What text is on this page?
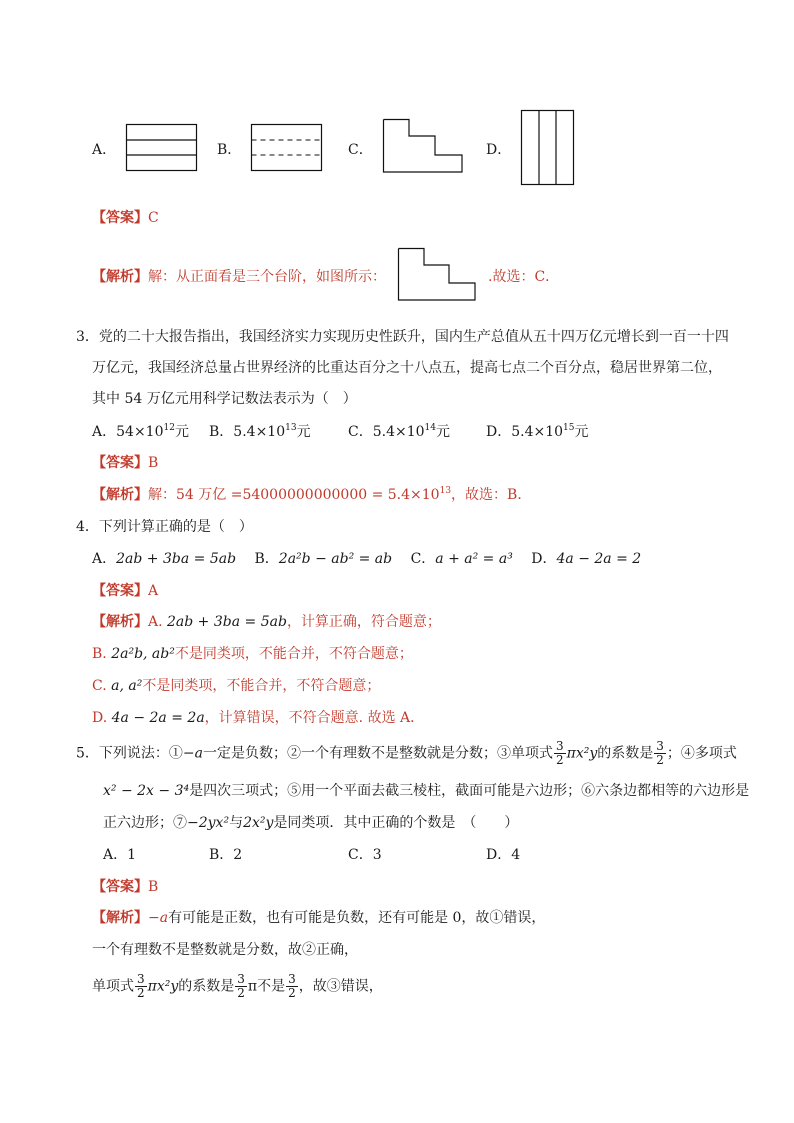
A．	B．	C．	D．
【答案】C
【解析】解：从正面看是三个台阶，如图所示：	.故选：C．
3．党的二十大报告指出，我国经济实力实现历史性跃升，国内生产总值从五十四万亿元增长到一百一十四
万亿元，我国经济总量占世界经济的比重达百分之十八点五，提高七点二个百分点，稳居世界第二位，
其中 54 万亿元用科学记数法表示为（　）
A．$54\times 10^{12}$元 B．$5.4\times 10^{13}$元	C．$5.4\times 10^{14}$元	D．$5.4\times 10^{15}$元
【答案】B
【解析】解：54 万亿 $=54000000000000 = 5.4\times 10^{13}$，故选：B．
4．下列计算正确的是（　）
A．2ab + 3ba = 5ab B．2a²b − ab² = ab C．a + a² = a³ D．4a − 2a = 2
【答案】A
【解析】A. 2ab + 3ba = 5ab，计算正确，符合题意；
B. 2a²b, ab²不是同类项，不能合并，不符合题意；
C. a, a²不是同类项，不能合并，不符合题意；
D. 4a − 2a = 2a，计算错误，不符合题意. 故选 A．
5．下列说法：①−a一定是负数；②一个有理数不是整数就是分数；③单项式 $\frac{3}{2} \pi x^2y$的系数是 $\frac{3}{2}$ ；④多项式
x² − 2x − 3⁴是四次三项式；⑤用一个平面去截三棱柱，截面可能是六边形；⑥六条边都相等的六边形是
正六边形；⑦−2yx²与2x²y是同类项．其中正确的个数是　（　　）
A．1	B．2	C．3	D．4
【答案】B
【解析】−a有可能是正数，也有可能是负数，还有可能是 0，故①错误，
一个有理数不是整数就是分数，故②正确，
单项式 $\frac{3}{2} \pi x^2y$的系数是 $\frac{3}{2}$ π不是 $\frac{3}{2}$ ，故③错误，
